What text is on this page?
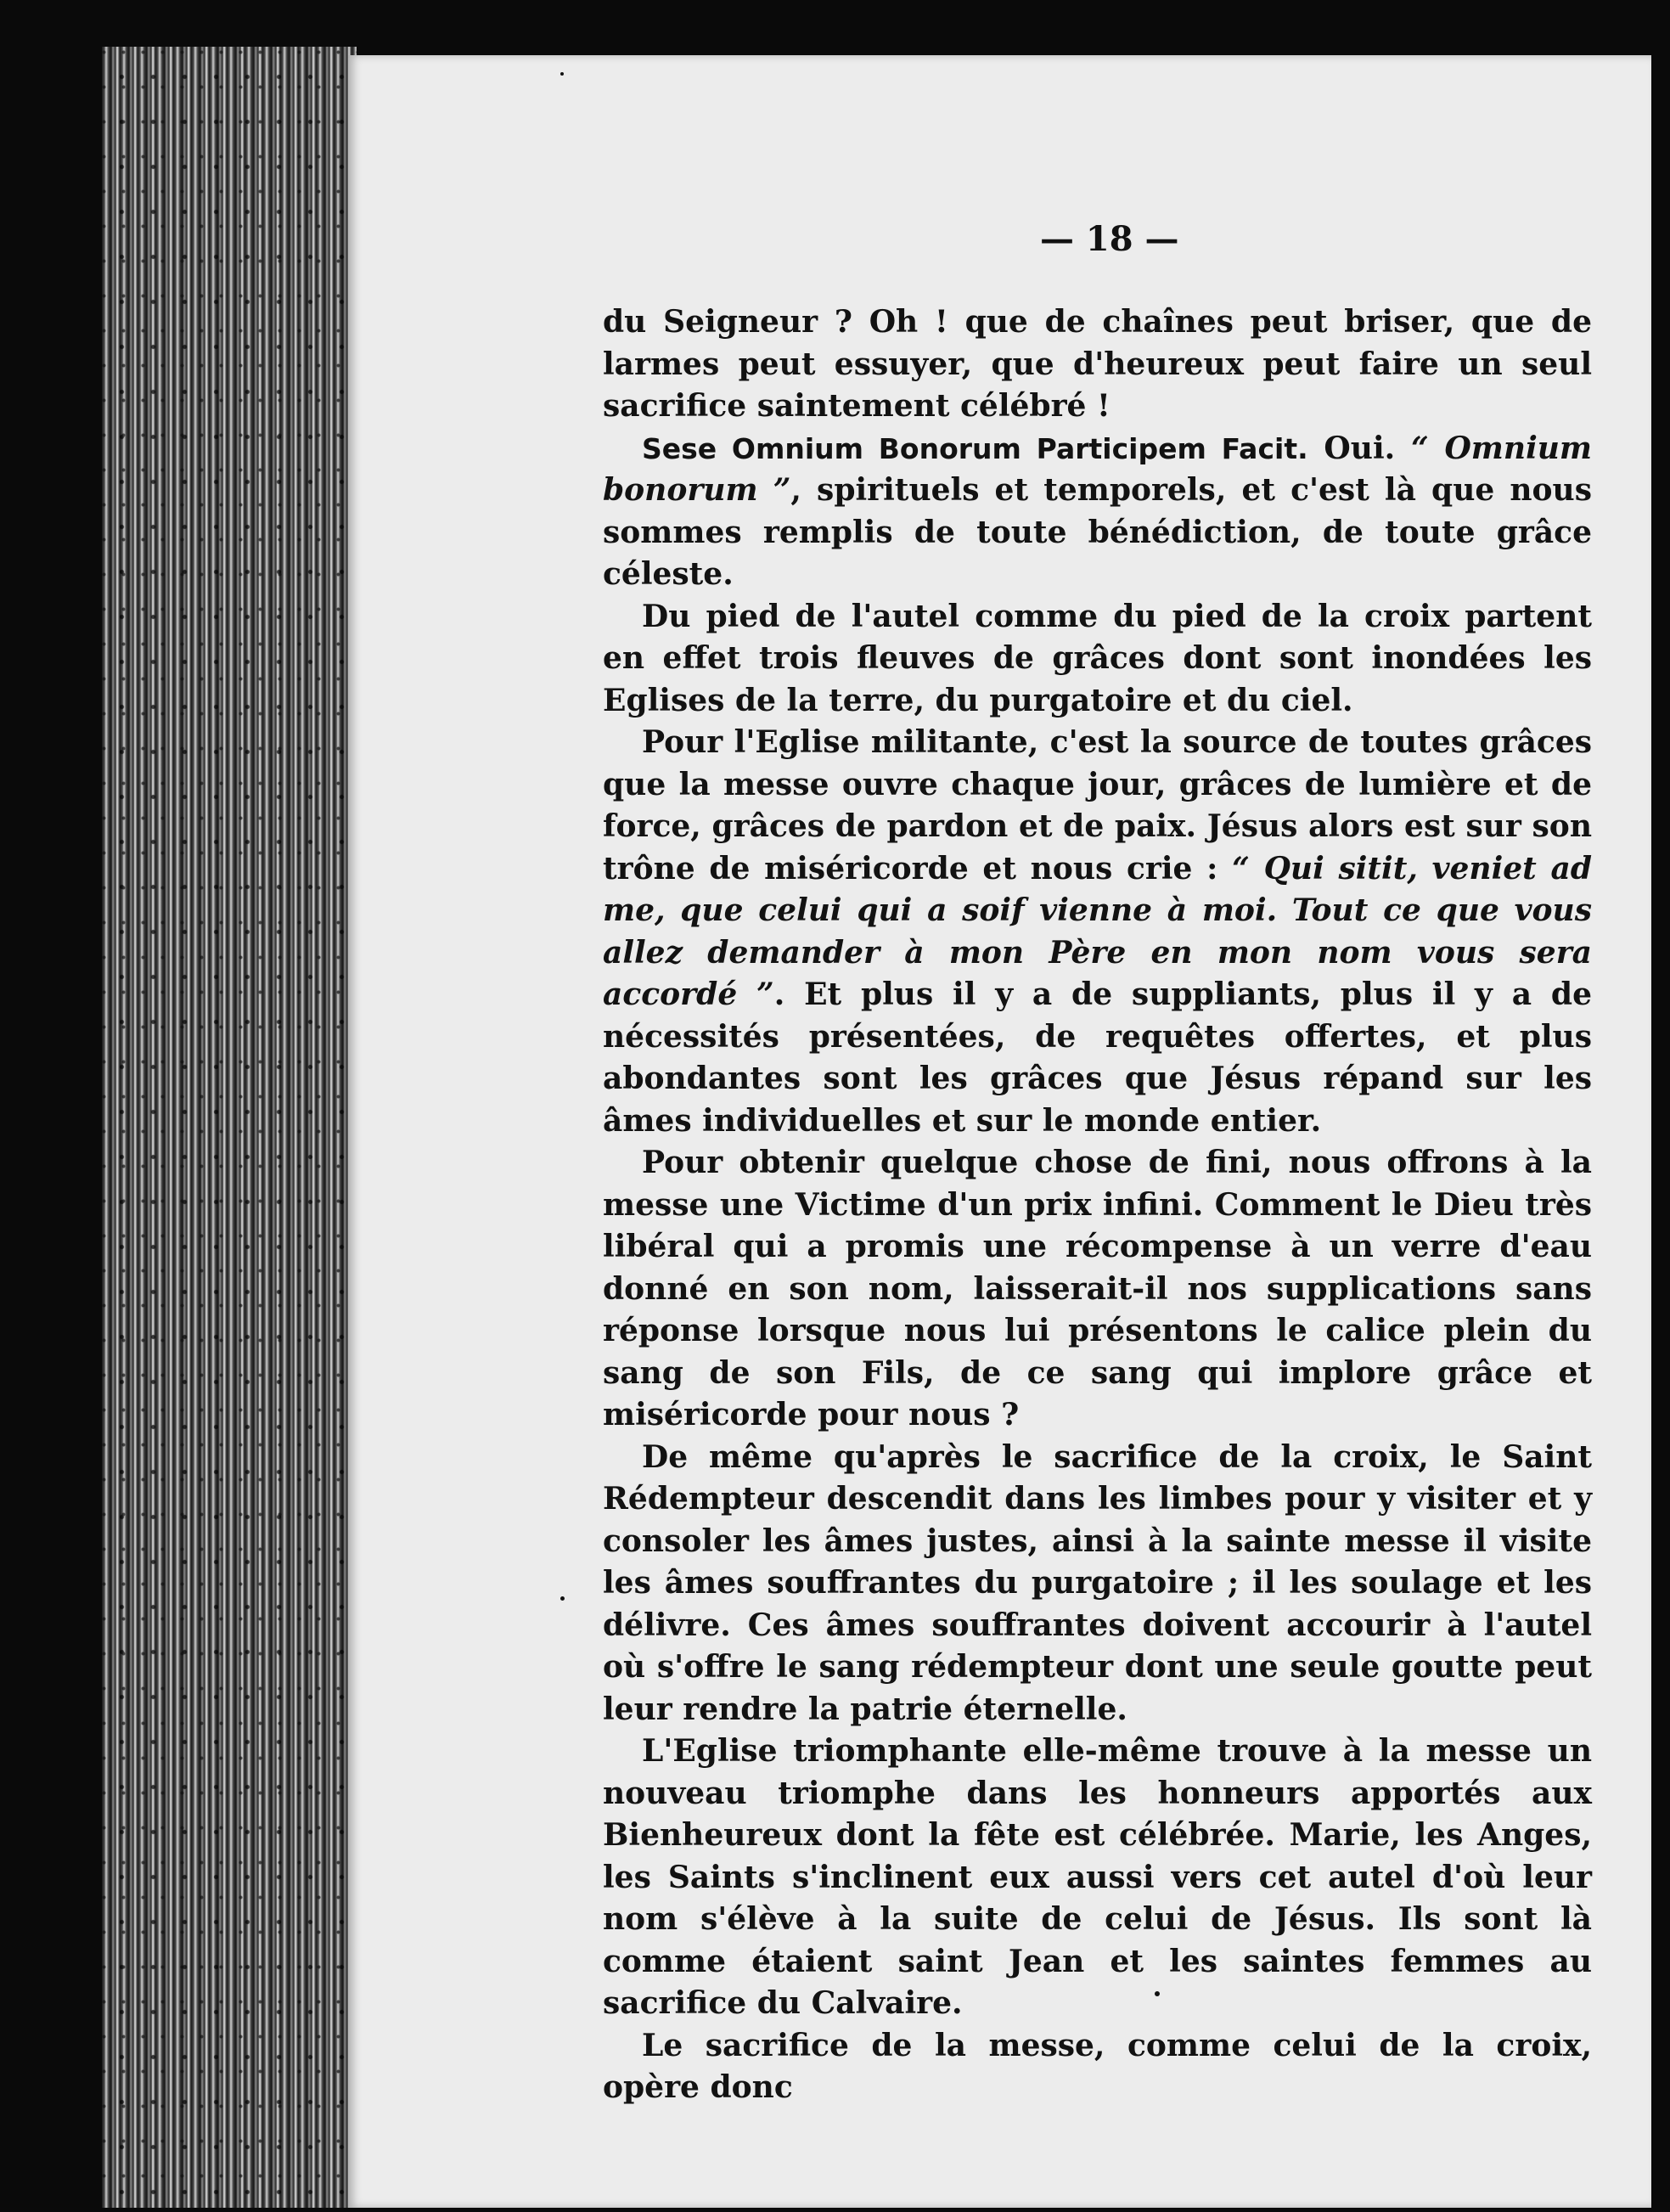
— 18 —

du Seigneur ? Oh ! que de chaînes peut briser, que de larmes peut essuyer, que d'heureux peut faire un seul sacrifice saintement célébré !

Sese Omnium Bonorum Participem Facit. Oui. “ Omnium bonorum ”, spirituels et temporels, et c'est là que nous sommes remplis de toute bénédiction, de toute grâce céleste.

Du pied de l'autel comme du pied de la croix partent en effet trois fleuves de grâces dont sont inondées les Eglises de la terre, du purgatoire et du ciel.

Pour l'Eglise militante, c'est la source de toutes grâces que la messe ouvre chaque jour, grâces de lumière et de force, grâces de pardon et de paix. Jésus alors est sur son trône de miséricorde et nous crie : “ Qui sitit, veniet ad me, que celui qui a soif vienne à moi. Tout ce que vous allez demander à mon Père en mon nom vous sera accordé ”. Et plus il y a de suppliants, plus il y a de nécessités présentées, de requêtes offertes, et plus abondantes sont les grâces que Jésus répand sur les âmes individuelles et sur le monde entier.

Pour obtenir quelque chose de fini, nous offrons à la messe une Victime d'un prix infini. Comment le Dieu très libéral qui a promis une récompense à un verre d'eau donné en son nom, laisserait-il nos supplications sans réponse lorsque nous lui présentons le calice plein du sang de son Fils, de ce sang qui implore grâce et miséricorde pour nous ?

De même qu'après le sacrifice de la croix, le Saint Rédempteur descendit dans les limbes pour y visiter et y consoler les âmes justes, ainsi à la sainte messe il visite les âmes souffrantes du purgatoire ; il les soulage et les délivre. Ces âmes souffrantes doivent accourir à l'autel où s'offre le sang rédempteur dont une seule goutte peut leur rendre la patrie éternelle.

L'Eglise triomphante elle-même trouve à la messe un nouveau triomphe dans les honneurs apportés aux Bienheureux dont la fête est célébrée. Marie, les Anges, les Saints s'inclinent eux aussi vers cet autel d'où leur nom s'élève à la suite de celui de Jésus. Ils sont là comme étaient saint Jean et les saintes femmes au sacrifice du Calvaire.

Le sacrifice de la messe, comme celui de la croix, opère donc
